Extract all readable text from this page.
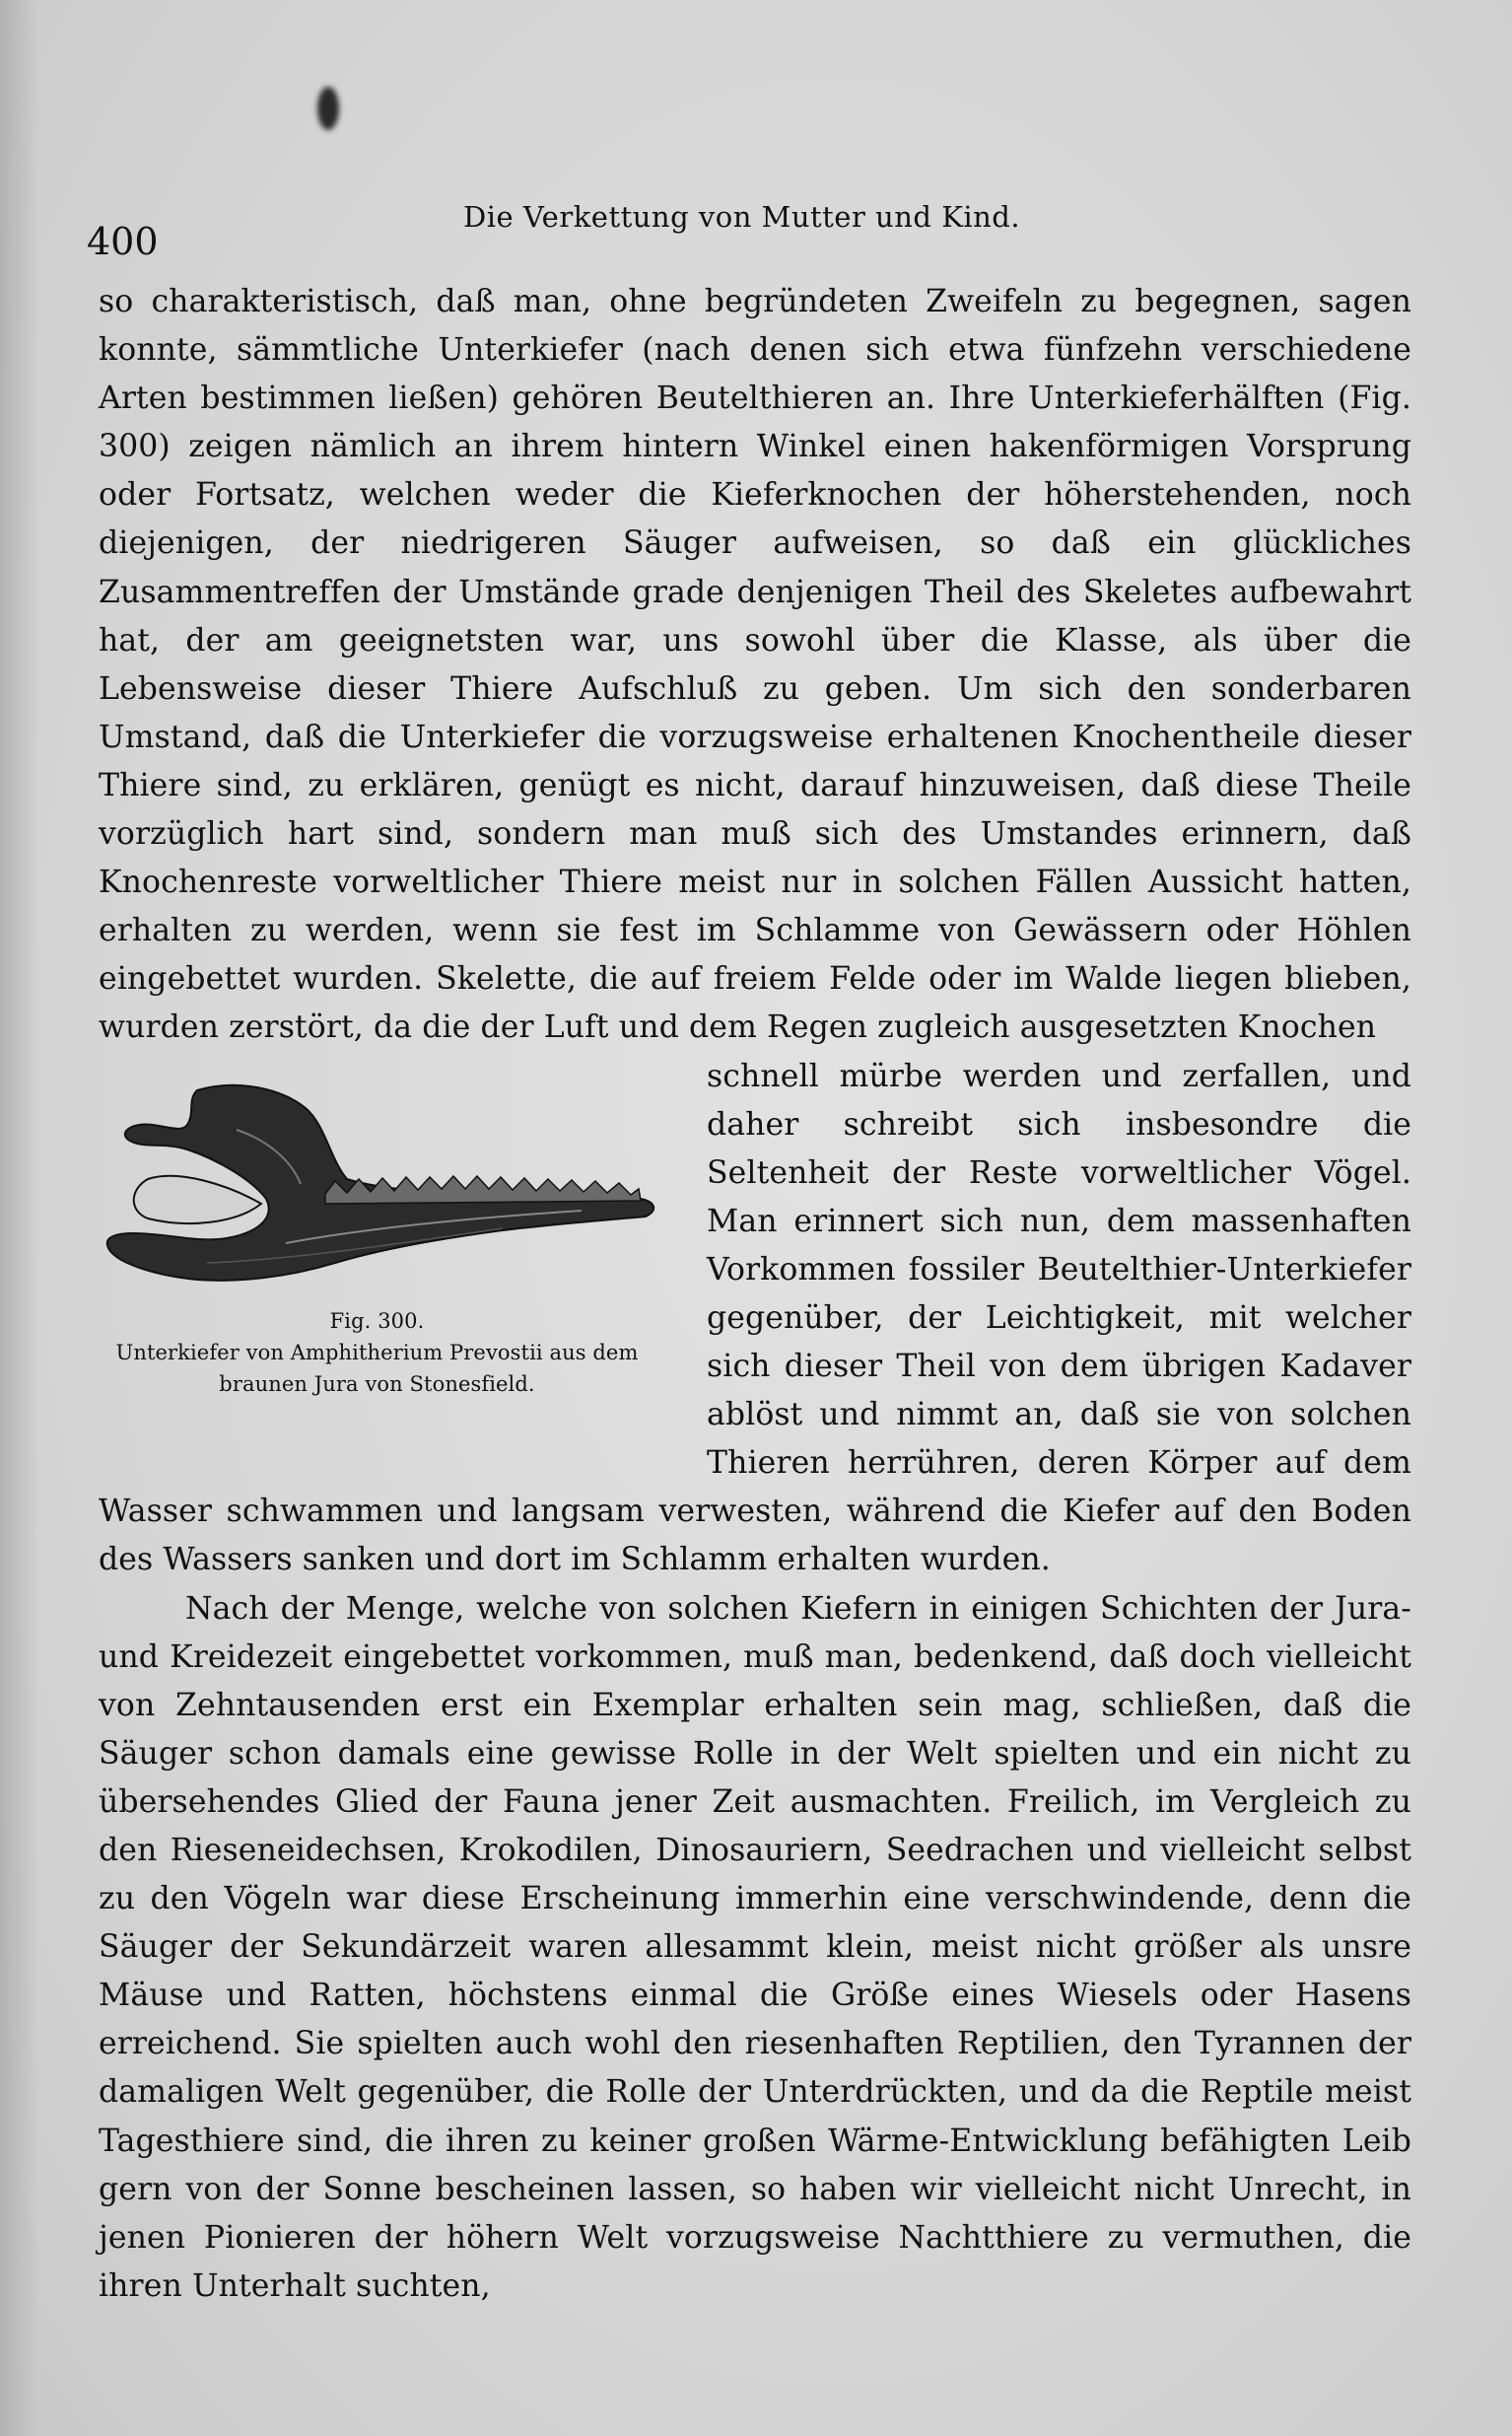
400
Die Verkettung von Mutter und Kind.

so charakteristisch, daß man, ohne begründeten Zweifeln zu begegnen, sagen konnte, sämmtliche Unterkiefer (nach denen sich etwa fünfzehn verschiedene Arten bestimmen ließen) gehören Beutelthieren an. Ihre Unterkieferhälften (Fig. 300) zeigen nämlich an ihrem hintern Winkel einen hakenförmigen Vorsprung oder Fortsatz, welchen weder die Kieferknochen der höherstehenden, noch diejenigen, der niedrigeren Säuger aufweisen, so daß ein glückliches Zusammentreffen der Umstände grade denjenigen Theil des Skeletes aufbewahrt hat, der am geeignetsten war, uns sowohl über die Klasse, als über die Lebensweise dieser Thiere Aufschluß zu geben. Um sich den sonderbaren Umstand, daß die Unterkiefer die vorzugsweise erhaltenen Knochentheile dieser Thiere sind, zu erklären, genügt es nicht, darauf hinzuweisen, daß diese Theile vorzüglich hart sind, sondern man muß sich des Umstandes erinnern, daß Knochenreste vorweltlicher Thiere meist nur in solchen Fällen Aussicht hatten, erhalten zu werden, wenn sie fest im Schlamme von Gewässern oder Höhlen eingebettet wurden. Skelette, die auf freiem Felde oder im Walde liegen blieben, wurden zerstört, da die der Luft und dem Regen zugleich ausgesetzten Knochen

Fig. 300.
Unterkiefer von Amphitherium Prevostii aus dem braunen Jura von Stonesfield.

schnell mürbe werden und zerfallen, und daher schreibt sich insbesondre die Seltenheit der Reste vorweltlicher Vögel. Man erinnert sich nun, dem massenhaften Vorkommen fossiler Beutelthier-Unterkiefer gegenüber, der Leichtigkeit, mit welcher sich dieser Theil von dem übrigen Kadaver ablöst und nimmt an, daß sie von solchen Thieren herrühren, deren Körper auf dem Wasser schwammen und langsam verwesten, während die Kiefer auf den Boden des Wassers sanken und dort im Schlamm erhalten wurden.

Nach der Menge, welche von solchen Kiefern in einigen Schichten der Jura- und Kreidezeit eingebettet vorkommen, muß man, bedenkend, daß doch vielleicht von Zehntausenden erst ein Exemplar erhalten sein mag, schließen, daß die Säuger schon damals eine gewisse Rolle in der Welt spielten und ein nicht zu übersehendes Glied der Fauna jener Zeit ausmachten. Freilich, im Vergleich zu den Rieseneidechsen, Krokodilen, Dinosauriern, Seedrachen und vielleicht selbst zu den Vögeln war diese Erscheinung immerhin eine verschwindende, denn die Säuger der Sekundärzeit waren allesammt klein, meist nicht größer als unsre Mäuse und Ratten, höchstens einmal die Größe eines Wiesels oder Hasens erreichend. Sie spielten auch wohl den riesenhaften Reptilien, den Tyrannen der damaligen Welt gegenüber, die Rolle der Unterdrückten, und da die Reptile meist Tagesthiere sind, die ihren zu keiner großen Wärme-Entwicklung befähigten Leib gern von der Sonne bescheinen lassen, so haben wir vielleicht nicht Unrecht, in jenen Pionieren der höhern Welt vorzugsweise Nachtthiere zu vermuthen, die ihren Unterhalt suchten,
